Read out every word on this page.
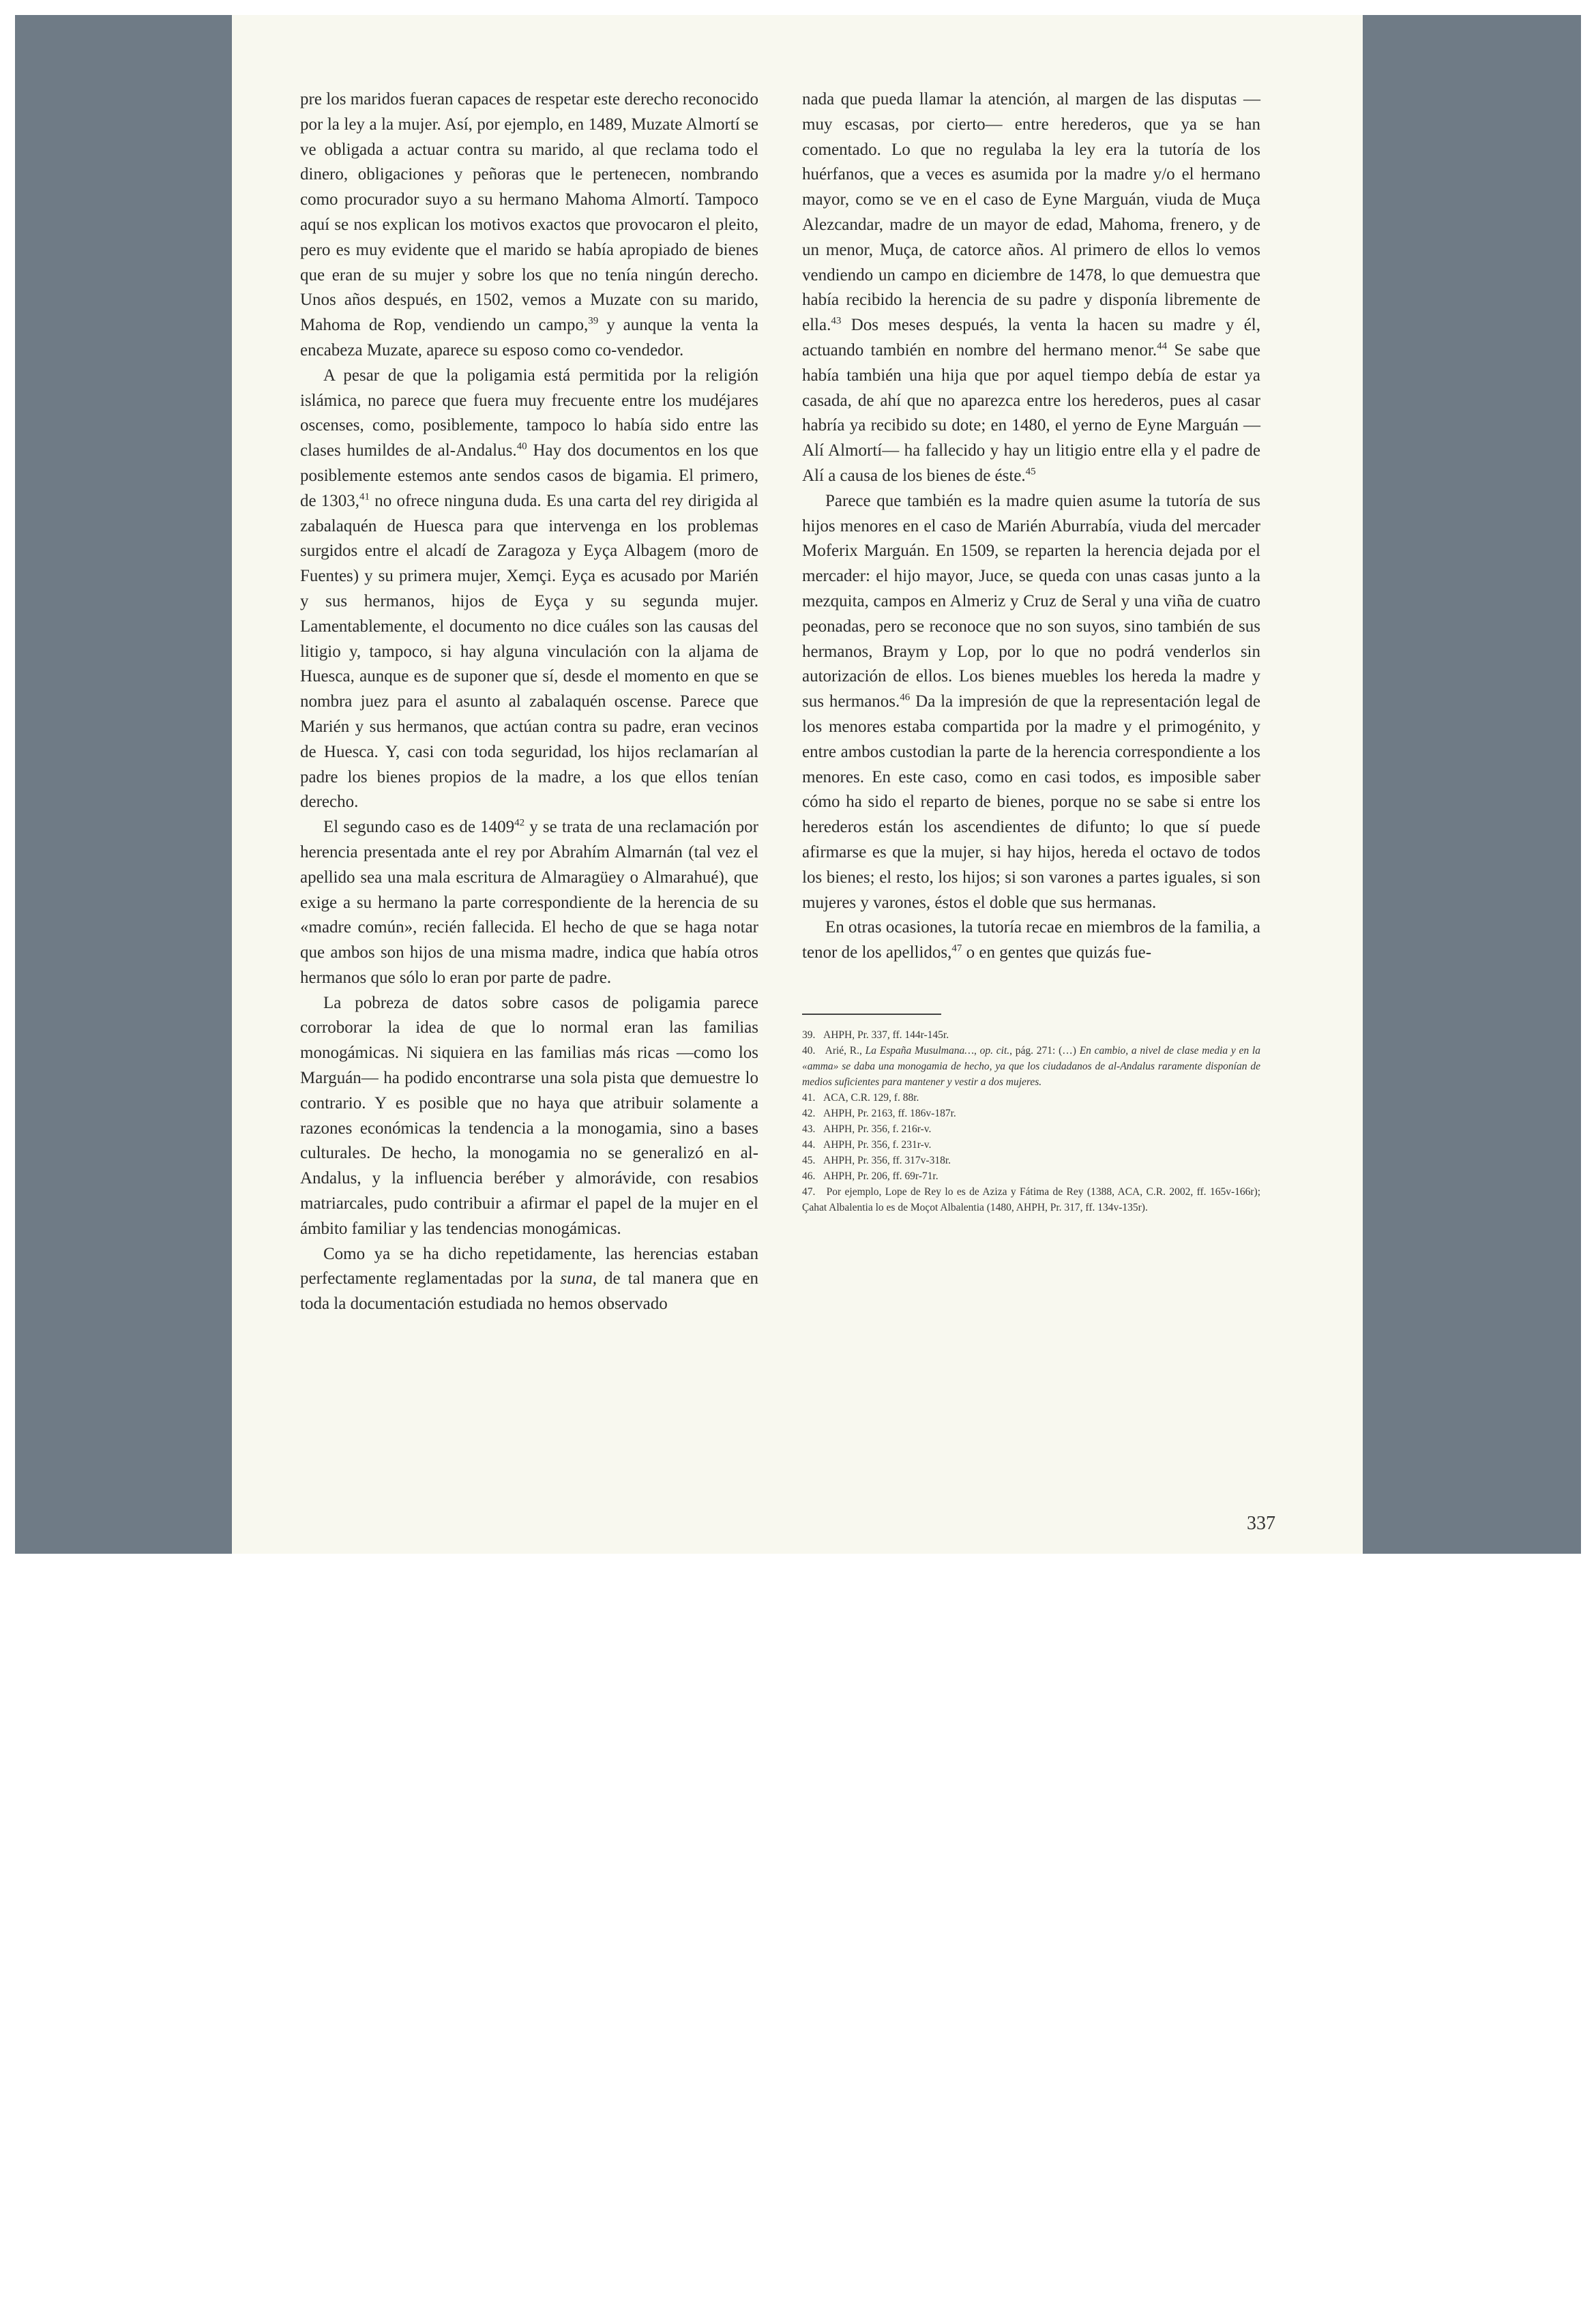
pre los maridos fueran capaces de respetar este derecho reconocido por la ley a la mujer. Así, por ejemplo, en 1489, Muzate Almortí se ve obligada a actuar contra su marido, al que reclama todo el dinero, obligaciones y peñoras que le pertenecen, nombrando como procurador suyo a su hermano Mahoma Almortí. Tampoco aquí se nos explican los motivos exactos que provocaron el pleito, pero es muy evidente que el marido se había apropiado de bienes que eran de su mujer y sobre los que no tenía ningún derecho. Unos años después, en 1502, vemos a Muzate con su marido, Mahoma de Rop, vendiendo un campo,$^{39}$ y aunque la venta la encabeza Muzate, aparece su esposo como co-vendedor.

A pesar de que la poligamia está permitida por la religión islámica, no parece que fuera muy frecuente entre los mudéjares oscenses, como, posiblemente, tampoco lo había sido entre las clases humildes de al-Andalus.$^{40}$ Hay dos documentos en los que posiblemente estemos ante sendos casos de bigamia. El primero, de 1303,41 no ofrece ninguna duda. Es una carta del rey dirigida al zabalaquén de Huesca para que intervenga en los problemas surgidos entre el alcadí de Zaragoza y Eyça Albagem (moro de Fuentes) y su primera mujer, Xemçi. Eyça es acusado por Marién y sus hermanos, hijos de Eyça y su segunda mujer. Lamentablemente, el documento no dice cuáles son las causas del litigio y, tampoco, si hay alguna vinculación con la aljama de Huesca, aunque es de suponer que sí, desde el momento en que se nombra juez para el asunto al zabalaquén oscense. Parece que Marién y sus hermanos, que actúan contra su padre, eran vecinos de Huesca. Y, casi con toda seguridad, los hijos reclamarían al padre los bienes propios de la madre, a los que ellos tenían derecho.

El segundo caso es de 1409$^{42}$ y se trata de una reclamación por herencia presentada ante el rey por Abrahím Almarnán (tal vez el apellido sea una mala escritura de Almaragüey o Almarahué), que exige a su hermano la parte correspondiente de la herencia de su «madre común», recién fallecida. El hecho de que se haga notar que ambos son hijos de una misma madre, indica que había otros hermanos que sólo lo eran por parte de padre.

La pobreza de datos sobre casos de poligamia parece corroborar la idea de que lo normal eran las familias monogámicas. Ni siquiera en las familias más ricas —como los Marguán— ha podido encontrarse una sola pista que demuestre lo contrario. Y es posible que no haya que atribuir solamente a razones económicas la tendencia a la monogamia, sino a bases culturales. De hecho, la monogamia no se generalizó en al-Andalus, y la influencia beréber y almorávide, con resabios matriarcales, pudo contribuir a afirmar el papel de la mujer en el ámbito familiar y las tendencias monogámicas.

Como ya se ha dicho repetidamente, las herencias estaban perfectamente reglamentadas por la suna, de tal manera que en toda la documentación estudiada no hemos observado

nada que pueda llamar la atención, al margen de las disputas —muy escasas, por cierto— entre herederos, que ya se han comentado. Lo que no regulaba la ley era la tutoría de los huérfanos, que a veces es asumida por la madre y/o el hermano mayor, como se ve en el caso de Eyne Marguán, viuda de Muça Alezcandar, madre de un mayor de edad, Mahoma, frenero, y de un menor, Muça, de catorce años. Al primero de ellos lo vemos vendiendo un campo en diciembre de 1478, lo que demuestra que había recibido la herencia de su padre y disponía libremente de ella.$^{43}$ Dos meses después, la venta la hacen su madre y él, actuando también en nombre del hermano menor.$^{44}$ Se sabe que había también una hija que por aquel tiempo debía de estar ya casada, de ahí que no aparezca entre los herederos, pues al casar habría ya recibido su dote; en 1480, el yerno de Eyne Marguán —Alí Almortí— ha fallecido y hay un litigio entre ella y el padre de Alí a causa de los bienes de éste.$^{45}$

Parece que también es la madre quien asume la tutoría de sus hijos menores en el caso de Marién Aburrabía, viuda del mercader Moferix Marguán. En 1509, se reparten la herencia dejada por el mercader: el hijo mayor, Juce, se queda con unas casas junto a la mezquita, campos en Almeriz y Cruz de Seral y una viña de cuatro peonadas, pero se reconoce que no son suyos, sino también de sus hermanos, Braym y Lop, por lo que no podrá venderlos sin autorización de ellos. Los bienes muebles los hereda la madre y sus hermanos.$^{46}$ Da la impresión de que la representación legal de los menores estaba compartida por la madre y el primogénito, y entre ambos custodian la parte de la herencia correspondiente a los menores. En este caso, como en casi todos, es imposible saber cómo ha sido el reparto de bienes, porque no se sabe si entre los herederos están los ascendientes de difunto; lo que sí puede afirmarse es que la mujer, si hay hijos, hereda el octavo de todos los bienes; el resto, los hijos; si son varones a partes iguales, si son mujeres y varones, éstos el doble que sus hermanas.

En otras ocasiones, la tutoría recae en miembros de la familia, a tenor de los apellidos,$^{47}$ o en gentes que quizás fue-

39. AHPH, Pr. 337, ff. 144r-145r.

40. Arié, R., La España Musulmana…, op. cit., pág. 271: (…) En cambio, a nivel de clase media y en la «amma» se daba una monogamia de hecho, ya que los ciudadanos de al-Andalus raramente disponían de medios suficientes para mantener y vestir a dos mujeres.

41. ACA, C.R. 129, f. 88r.

42. AHPH, Pr. 2163, ff. 186v-187r.

43. AHPH, Pr. 356, f. 216r-v.

44. AHPH, Pr. 356, f. 231r-v.

45. AHPH, Pr. 356, ff. 317v-318r.

46. AHPH, Pr. 206, ff. 69r-71r.

47. Por ejemplo, Lope de Rey lo es de Aziza y Fátima de Rey (1388, ACA, C.R. 2002, ff. 165v-166r); Çahat Albalentia lo es de Moçot Albalentia (1480, AHPH, Pr. 317, ff. 134v-135r).

337
